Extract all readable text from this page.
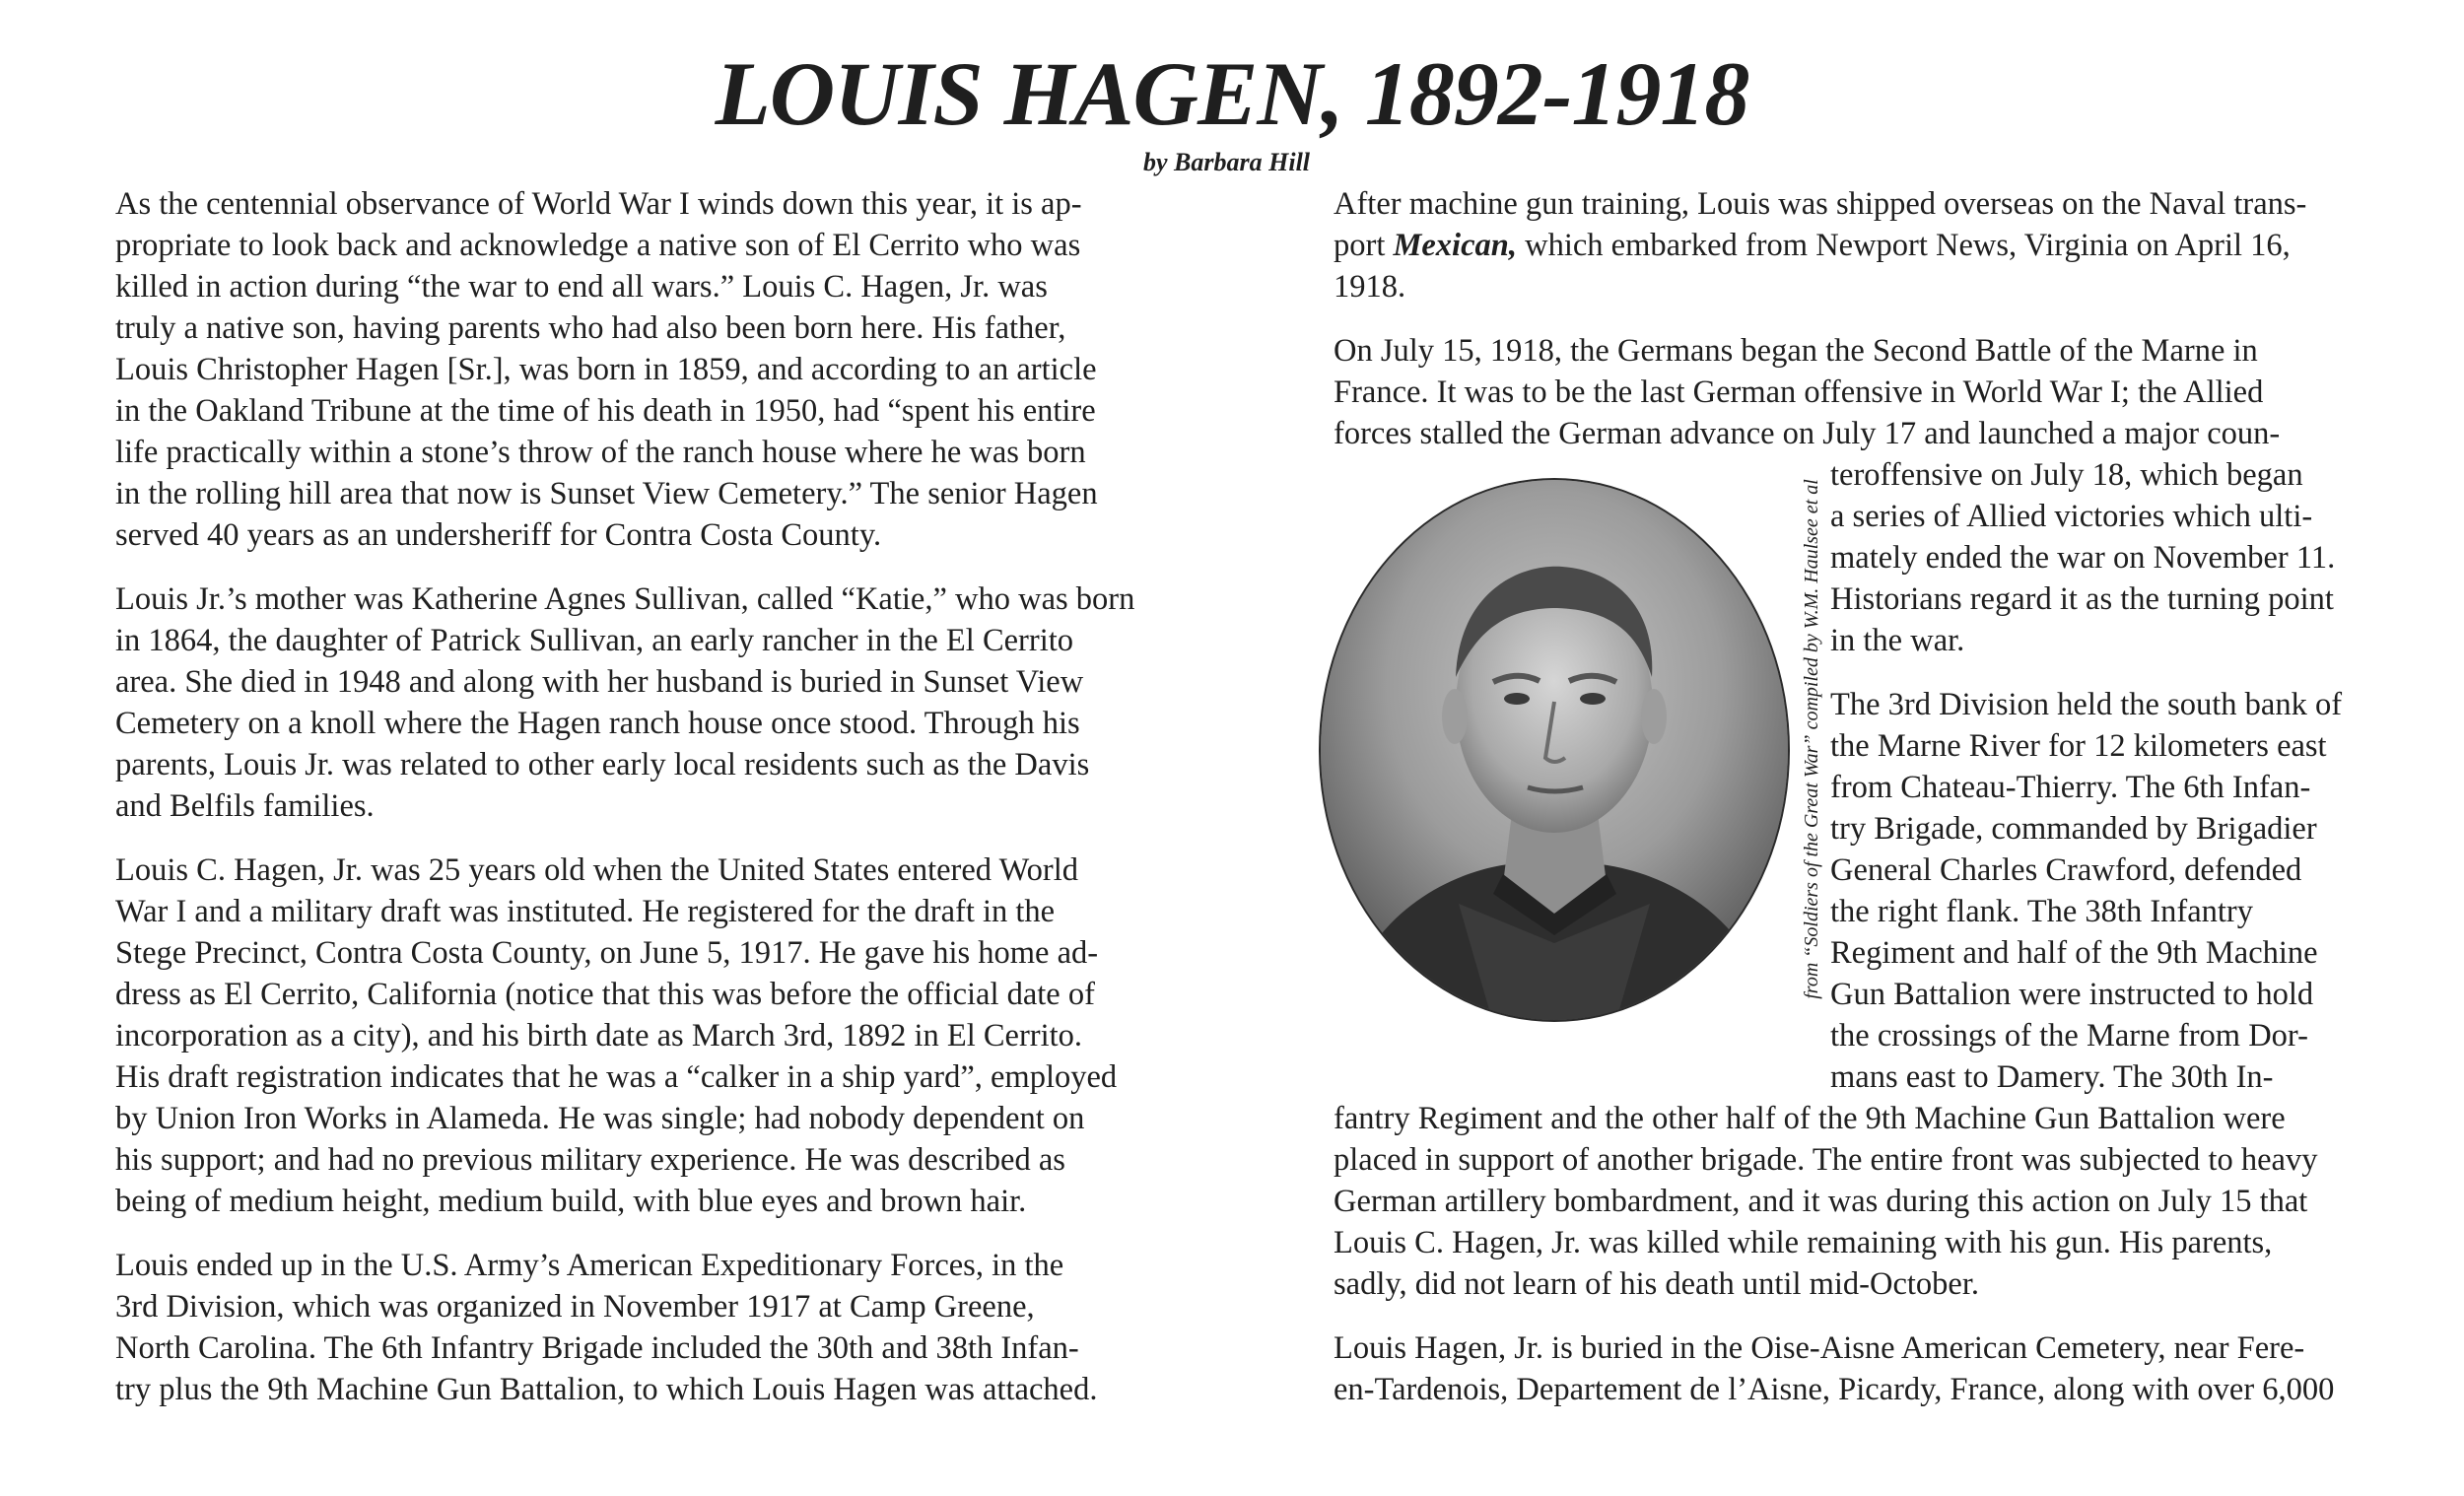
LOUIS HAGEN, 1892-1918
by Barbara Hill
As the centennial observance of World War I winds down this year, it is ap-
propriate to look back and acknowledge a native son of El Cerrito who was
killed in action during “the war to end all wars.” Louis C. Hagen, Jr. was
truly a native son, having parents who had also been born here. His father,
Louis Christopher Hagen [Sr.], was born in 1859, and according to an article
in the Oakland Tribune at the time of his death in 1950, had “spent his entire
life practically within a stone’s throw of the ranch house where he was born
in the rolling hill area that now is Sunset View Cemetery.” The senior Hagen
served 40 years as an undersheriff for Contra Costa County.
Louis Jr.’s mother was Katherine Agnes Sullivan, called “Katie,” who was born
in 1864, the daughter of Patrick Sullivan, an early rancher in the El Cerrito
area. She died in 1948 and along with her husband is buried in Sunset View
Cemetery on a knoll where the Hagen ranch house once stood. Through his
parents, Louis Jr. was related to other early local residents such as the Davis
and Belfils families.
Louis C. Hagen, Jr. was 25 years old when the United States entered World
War I and a military draft was instituted. He registered for the draft in the
Stege Precinct, Contra Costa County, on June 5, 1917. He gave his home ad-
dress as El Cerrito, California (notice that this was before the official date of
incorporation as a city), and his birth date as March 3rd, 1892 in El Cerrito.
His draft registration indicates that he was a “calker in a ship yard”, employed
by Union Iron Works in Alameda. He was single; had nobody dependent on
his support; and had no previous military experience. He was described as
being of medium height, medium build, with blue eyes and brown hair.
Louis ended up in the U.S. Army’s American Expeditionary Forces, in the
3rd Division, which was organized in November 1917 at Camp Greene,
North Carolina. The 6th Infantry Brigade included the 30th and 38th Infan-
try plus the 9th Machine Gun Battalion, to which Louis Hagen was attached.
After machine gun training, Louis was shipped overseas on the Naval trans-
port Mexican, which embarked from Newport News, Virginia on April 16,
1918.
On July 15, 1918, the Germans began the Second Battle of the Marne in
France. It was to be the last German offensive in World War I; the Allied
forces stalled the German advance on July 17 and launched a major coun-
teroffensive on July 18, which began
a series of Allied victories which ulti-
mately ended the war on November 11.
Historians regard it as the turning point
in the war.
The 3rd Division held the south bank of
the Marne River for 12 kilometers east
from Chateau-Thierry. The 6th Infan-
try Brigade, commanded by Brigadier
General Charles Crawford, defended
the right flank. The 38th Infantry
Regiment and half of the 9th Machine
Gun Battalion were instructed to hold
the crossings of the Marne from Dor-
mans east to Damery. The 30th In-
fantry Regiment and the other half of the 9th Machine Gun Battalion were
placed in support of another brigade. The entire front was subjected to heavy
German artillery bombardment, and it was during this action on July 15 that
Louis C. Hagen, Jr. was killed while remaining with his gun. His parents,
sadly, did not learn of his death until mid-October.
Louis Hagen, Jr. is buried in the Oise-Aisne American Cemetery, near Fere-
en-Tardenois, Departement de l’Aisne, Picardy, France, along with over 6,000
from “Soldiers of the Great War” compiled by W.M. Haulsee et al
